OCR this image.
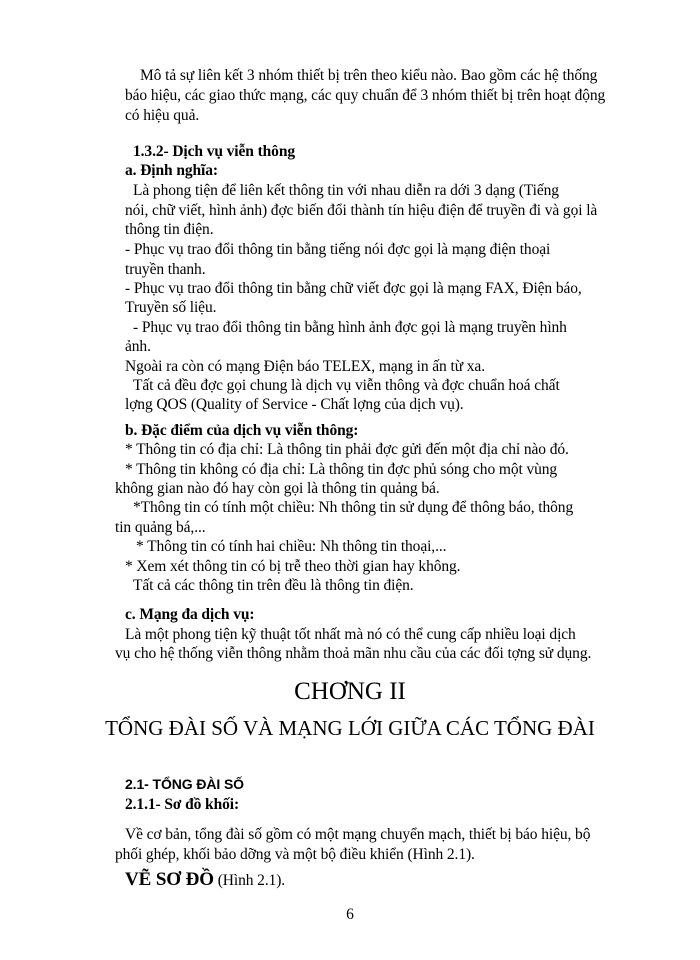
Mô tả sự liên kết 3 nhóm thiết bị trên theo kiểu nào. Bao gồm các hệ thống
báo hiệu, các giao thức mạng, các quy chuẩn để 3 nhóm thiết bị trên hoạt động
có hiệu quả.
1.3.2- Dịch vụ viễn thông
a. Định nghĩa:
Là phong tiện để liên kết thông tin với nhau diễn ra dới 3 dạng (Tiếng
nói, chữ viết, hình ảnh) đợc biến đổi thành tín hiệu điện để truyền đi và gọi là
thông tin điện.
- Phục vụ trao đổi thông tin bằng tiếng nói đợc gọi là mạng điện thoại
truyền thanh.
- Phục vụ trao đổi thông tin bằng chữ viết đợc gọi là mạng FAX, Điện báo,
Truyền số liệu.
- Phục vụ trao đổi thông tin bằng hình ảnh đợc gọi là mạng truyền hình
ảnh.
Ngoài ra còn có mạng Điện báo TELEX, mạng in ấn từ xa.
Tất cả đều đợc gọi chung là dịch vụ viễn thông và đợc chuẩn hoá chất
lợng QOS (Quality of Service - Chất lợng của dịch vụ).
b. Đặc điểm của dịch vụ viễn thông:
* Thông tin có địa chỉ: Là thông tin phải đợc gửi đến một địa chỉ nào đó.
* Thông tin không có địa chỉ: Là thông tin đợc phủ sóng cho một vùng
không gian nào đó hay còn gọi là thông tin quảng bá.
*Thông tin có tính một chiều: Nh thông tin sử dụng để thông báo, thông
tin quảng bá,...
* Thông tin có tính hai chiều: Nh thông tin thoại,...
* Xem xét thông tin có bị trễ theo thời gian hay không.
Tất cả các thông tin trên đều là thông tin điện.
c. Mạng đa dịch vụ:
Là một phong tiện kỹ thuật tốt nhất mà nó có thể cung cấp nhiều loại dịch
vụ cho hệ thống viễn thông nhằm thoả mãn nhu cầu của các đối tợng sử dụng.
CHƠNG II
TỔNG ĐÀI SỐ VÀ MẠNG LỚI GIỮA CÁC TỔNG ĐÀI
2.1- TỔNG ĐÀI SỐ
2.1.1- Sơ đồ khối:
Về cơ bản, tổng đài số gồm có một mạng chuyển mạch, thiết bị báo hiệu, bộ
phối ghép, khối bảo dỡng và một bộ điều khiển (Hình 2.1).
VẼ SƠ ĐỒ (Hình 2.1).
6
